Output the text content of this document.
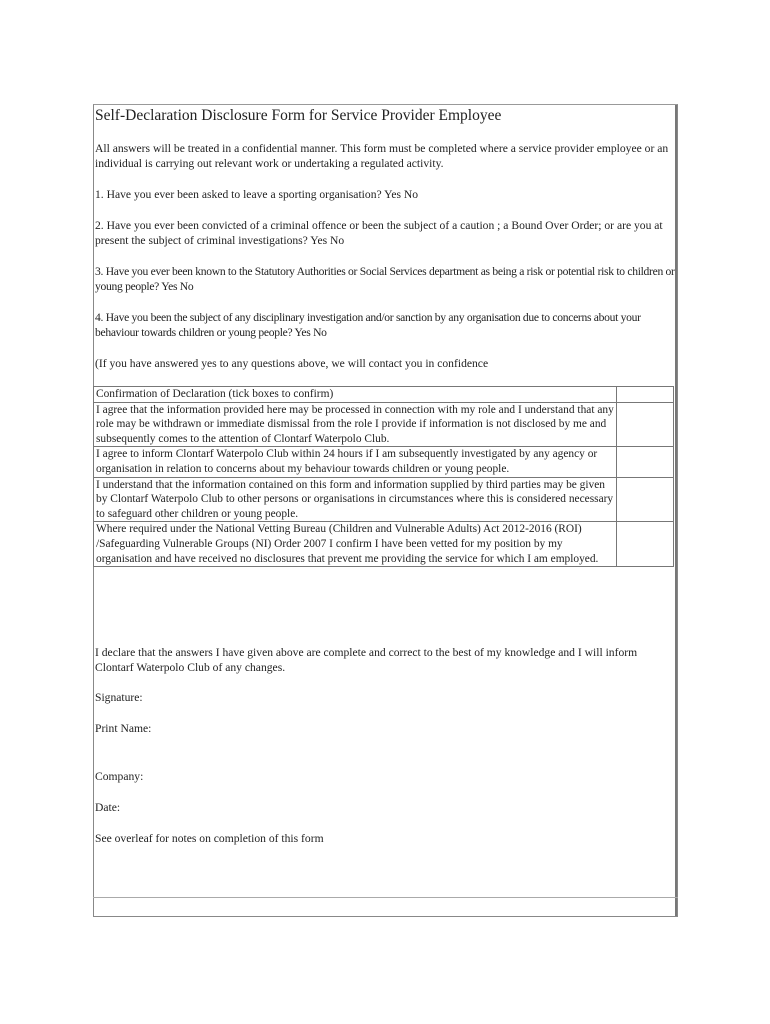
Self-Declaration Disclosure Form for Service Provider Employee
All answers will be treated in a confidential manner. This form must be completed where a service provider employee or an individual is carrying out relevant work or undertaking a regulated activity.
1. Have you ever been asked to leave a sporting organisation? Yes No
2. Have you ever been convicted of a criminal offence or been the subject of a caution ; a Bound Over Order; or are you at present the subject of criminal investigations? Yes No
3. Have you ever been known to the Statutory Authorities or Social Services department as being a risk or potential risk to children or young people? Yes No
4. Have you been the subject of any disciplinary investigation and/or sanction by any organisation due to concerns about your behaviour towards children or young people? Yes No
(If you have answered yes to any questions above, we will contact you in confidence
Confirmation of Declaration (tick boxes to confirm)	
I agree that the information provided here may be processed in connection with my role and I understand that any role may be withdrawn or immediate dismissal from the role I provide if information is not disclosed by me and subsequently comes to the attention of Clontarf Waterpolo Club.	
I agree to inform Clontarf Waterpolo Club within 24 hours if I am subsequently investigated by any agency or organisation in relation to concerns about my behaviour towards children or young people.	
I understand that the information contained on this form and information supplied by third parties may be given by Clontarf Waterpolo Club to other persons or organisations in circumstances where this is considered necessary to safeguard other children or young people.	
Where required under the National Vetting Bureau (Children and Vulnerable Adults) Act 2012-2016 (ROI) /Safeguarding Vulnerable Groups (NI) Order 2007 I confirm I have been vetted for my position by my organisation and have received no disclosures that prevent me providing the service for which I am employed.	
I declare that the answers I have given above are complete and correct to the best of my knowledge and I will inform Clontarf Waterpolo Club of any changes.
Signature:
Print Name:
Company:
Date:
See overleaf for notes on completion of this form
